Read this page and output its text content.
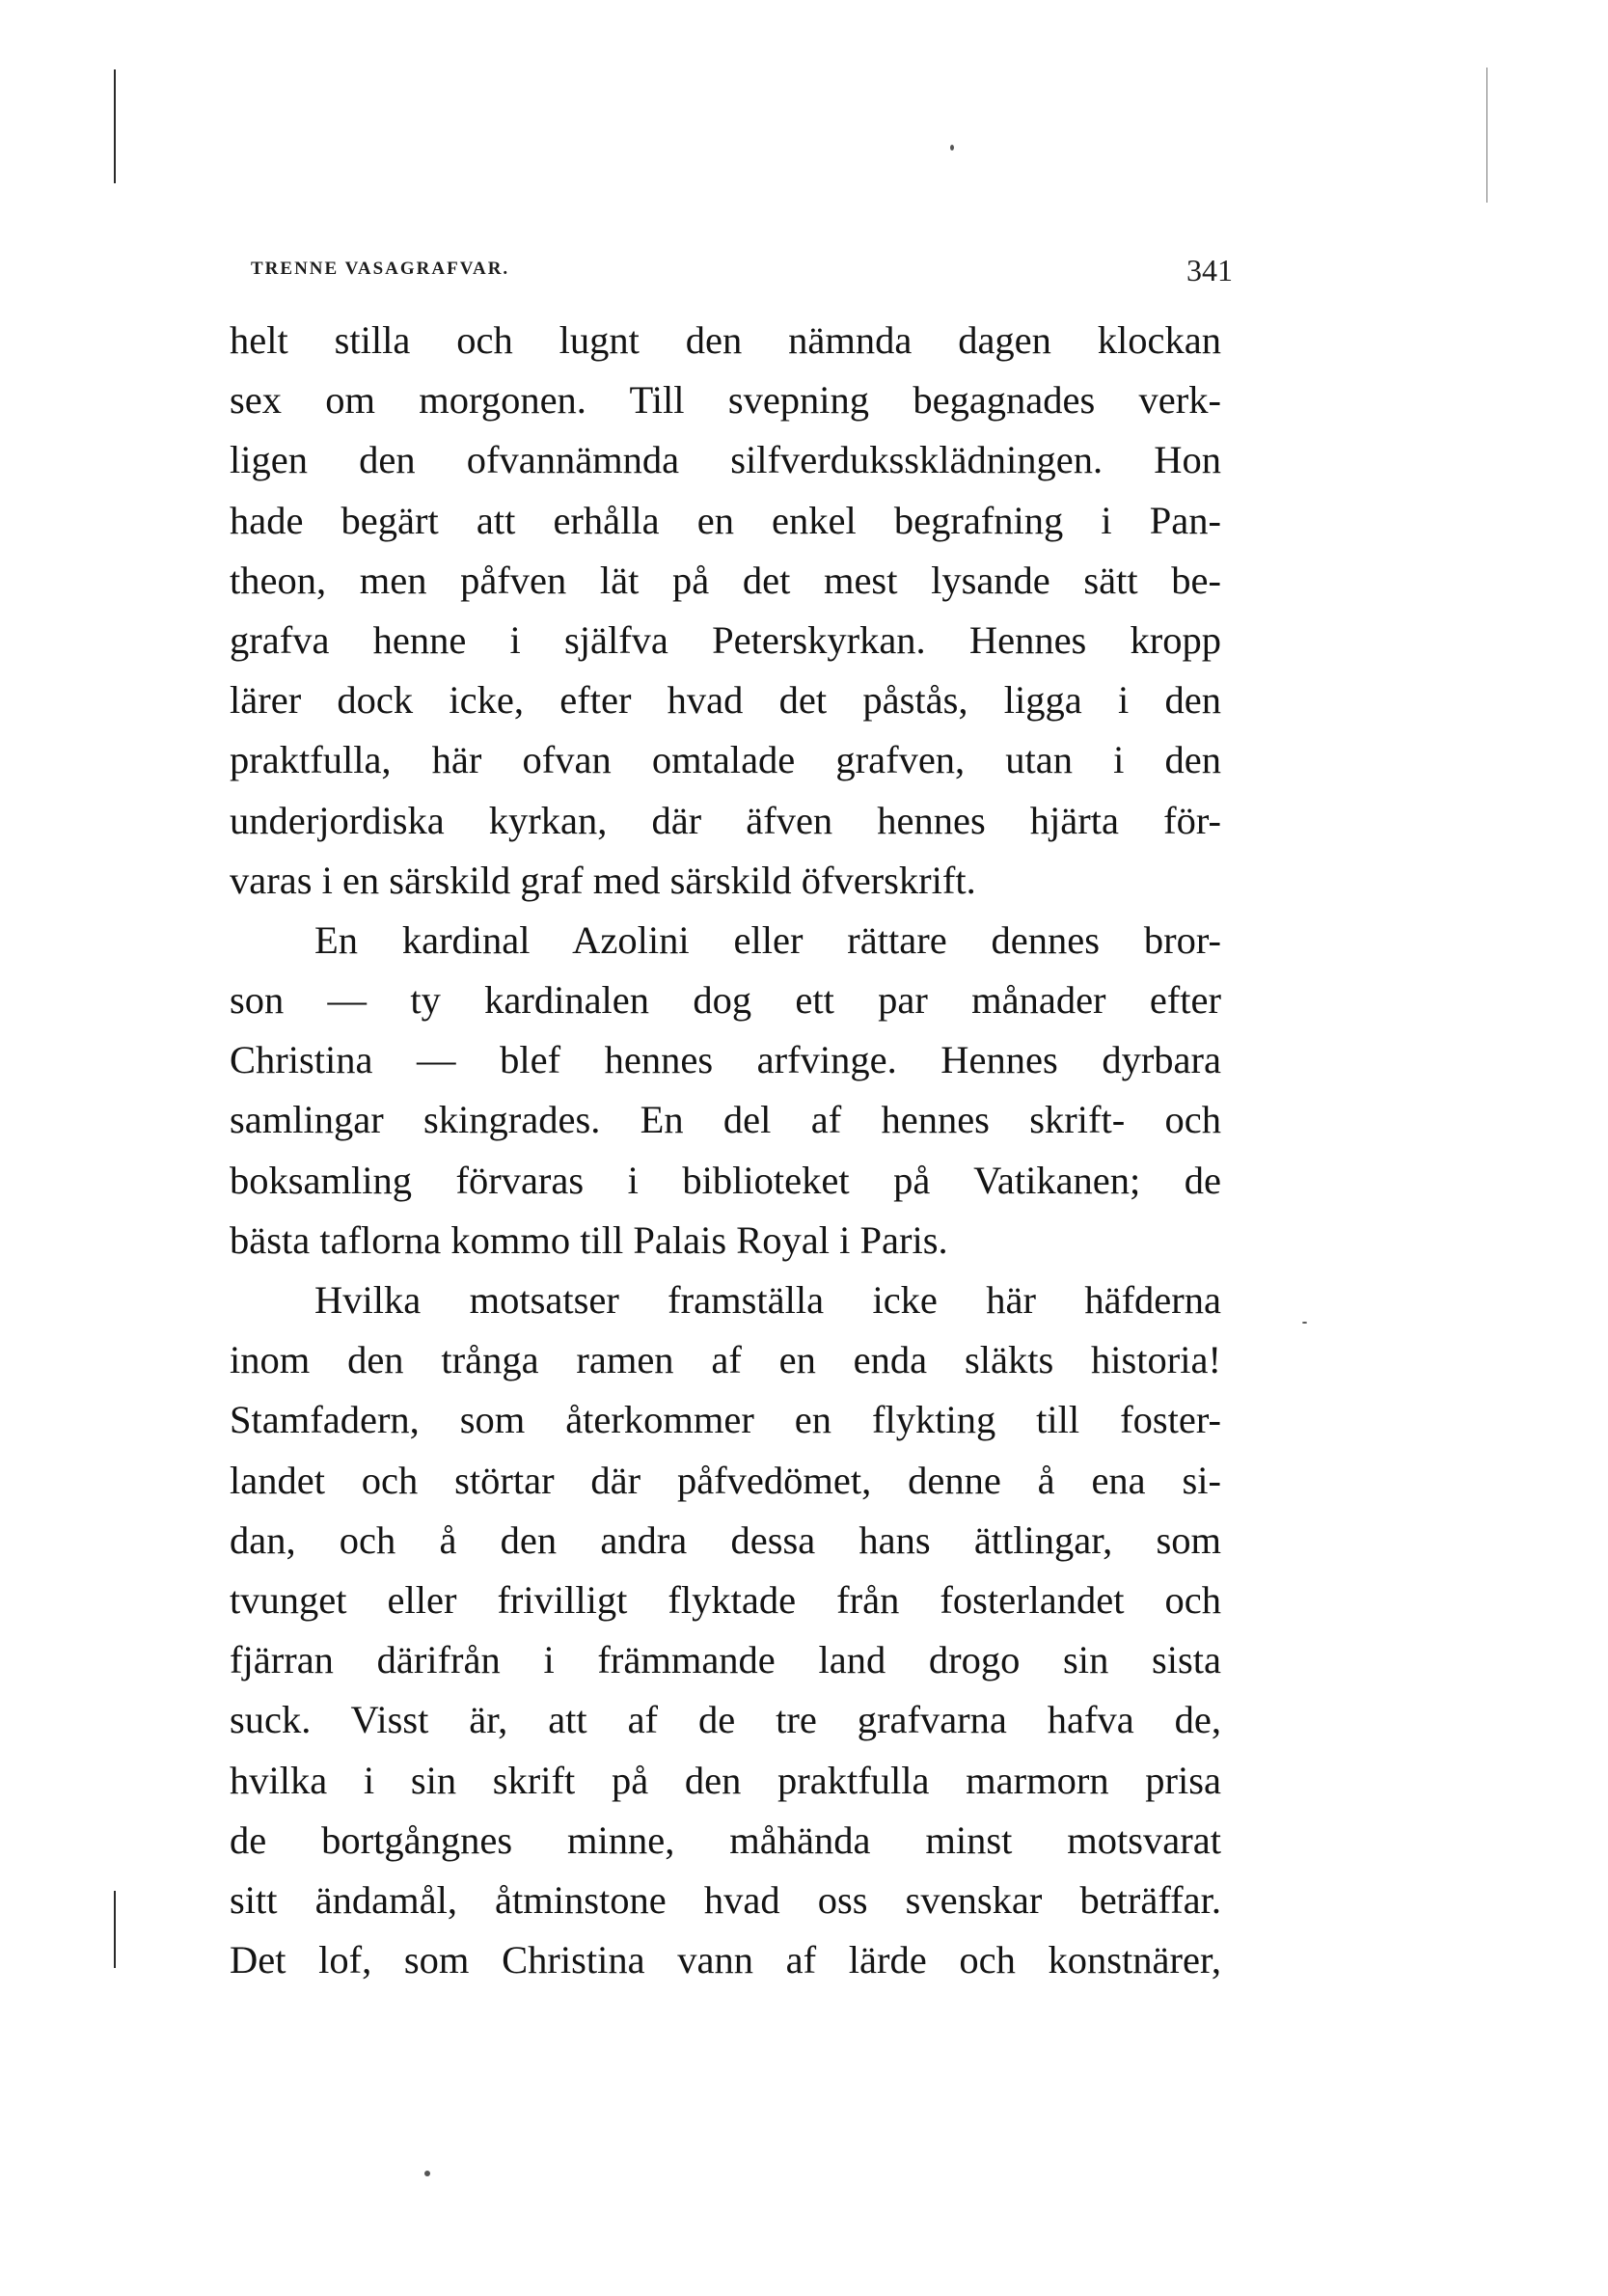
TRENNE VASAGRAFVAR.	341
helt stilla och lugnt den nämnda dagen klockan
sex om morgonen. Till svepning begagnades verk-
ligen den ofvannämnda silfverdukssklädningen. Hon
hade begärt att erhålla en enkel begrafning i Pan-
theon, men påfven lät på det mest lysande sätt be-
grafva henne i själfva Peterskyrkan. Hennes kropp
lärer dock icke, efter hvad det påstås, ligga i den
praktfulla, här ofvan omtalade grafven, utan i den
underjordiska kyrkan, där äfven hennes hjärta för-
varas i en särskild graf med särskild öfverskrift.
En kardinal Azolini eller rättare dennes bror-
son — ty kardinalen dog ett par månader efter
Christina — blef hennes arfvinge. Hennes dyrbara
samlingar skingrades. En del af hennes skrift- och
boksamling förvaras i biblioteket på Vatikanen; de
bästa taflorna kommo till Palais Royal i Paris.
Hvilka motsatser framställa icke här häfderna
inom den trånga ramen af en enda släkts historia!
Stamfadern, som återkommer en flykting till foster-
landet och störtar där påfvedömet, denne å ena si-
dan, och å den andra dessa hans ättlingar, som
tvunget eller frivilligt flyktade från fosterlandet och
fjärran därifrån i främmande land drogo sin sista
suck. Visst är, att af de tre grafvarna hafva de,
hvilka i sin skrift på den praktfulla marmorn prisa
de bortgångnes minne, måhända minst motsvarat
sitt ändamål, åtminstone hvad oss svenskar beträffar.
Det lof, som Christina vann af lärde och konstnärer,
